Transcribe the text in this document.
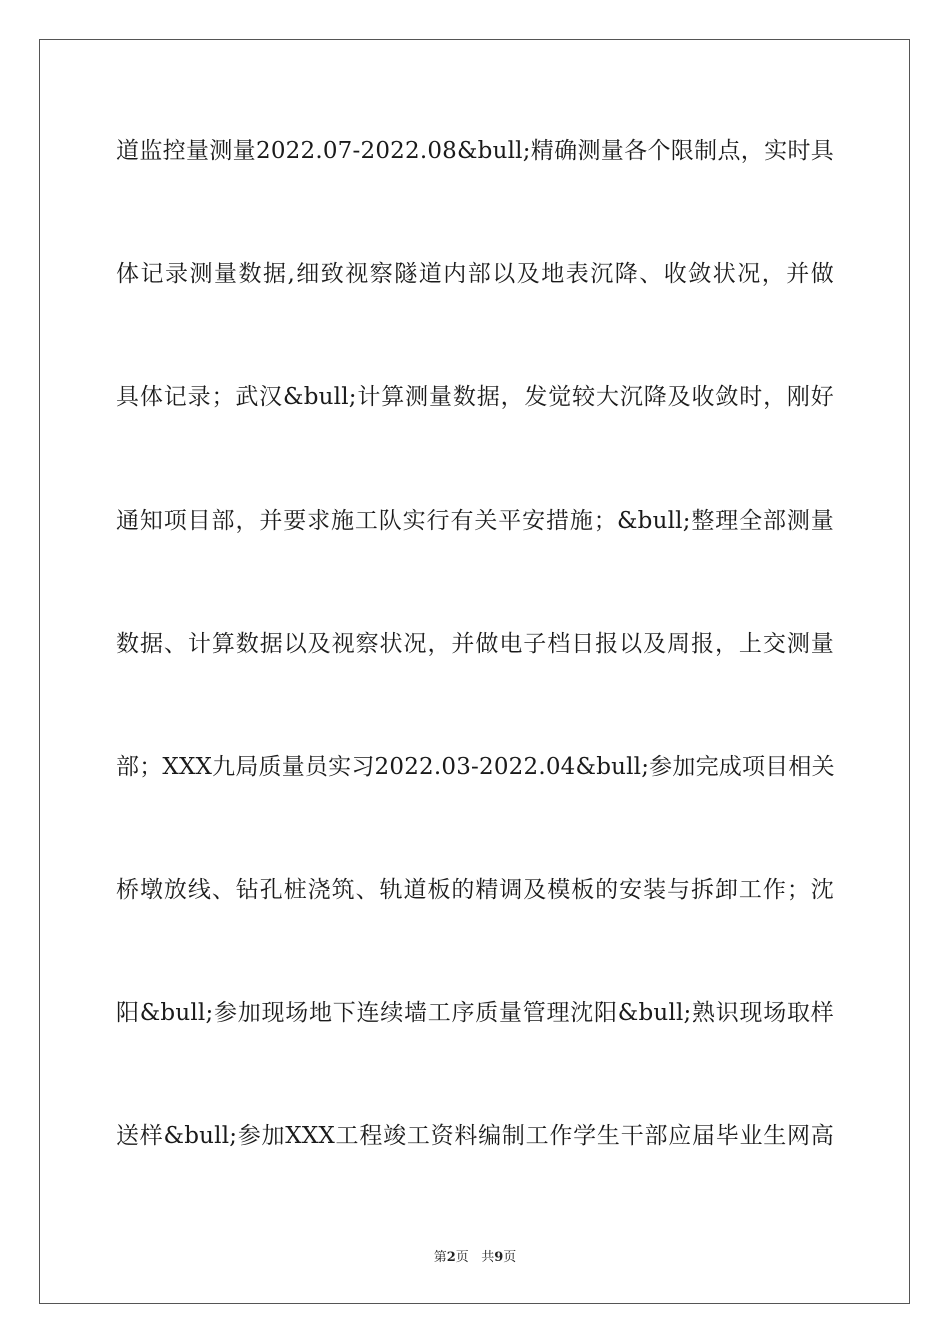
道监控量测量2022.07-2022.08&bull;精确测量各个限制点，实时具
体记录测量数据,细致视察隧道内部以及地表沉降、收敛状况，并做
具体记录；武汉&bull;计算测量数据，发觉较大沉降及收敛时，刚好
通知项目部，并要求施工队实行有关平安措施；&bull;整理全部测量
数据、计算数据以及视察状况，并做电子档日报以及周报，上交测量
部；XXX九局质量员实习2022.03-2022.04&bull;参加完成项目相关
桥墩放线、钻孔桩浇筑、轨道板的精调及模板的安装与拆卸工作；沈
阳&bull;参加现场地下连续墙工序质量管理沈阳&bull;熟识现场取样
送样&bull;参加XXX工程竣工资料编制工作学生干部应届毕业生网高
第2页 共9页
